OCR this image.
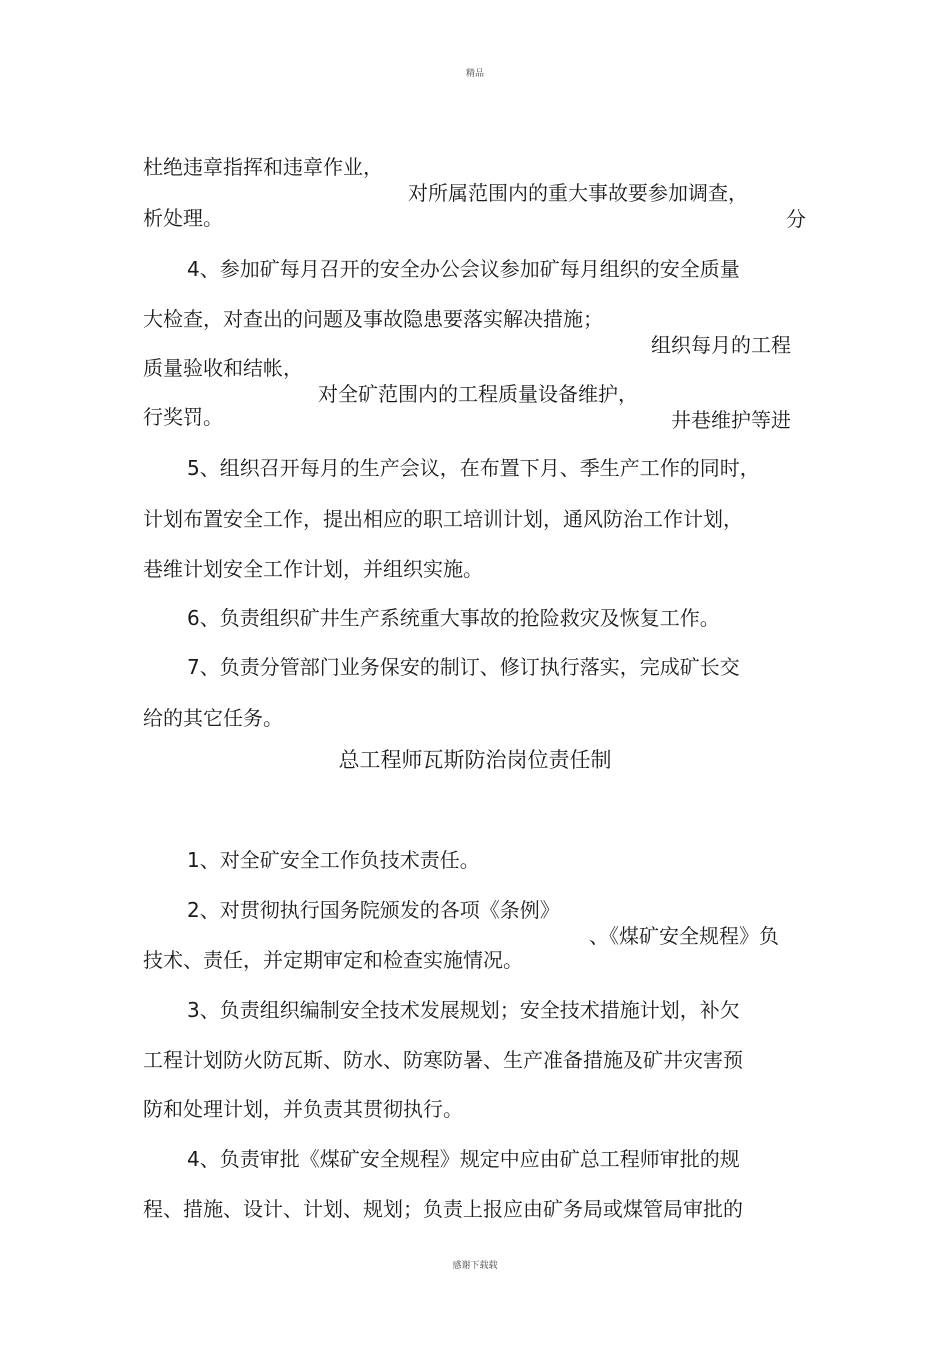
精品

杜绝违章指挥和违章作业，

对所属范围内的重大事故要参加调查，

分

析处理。

4、参加矿每月召开的安全办公会议参加矿每月组织的安全质量

大检查，对查出的问题及事故隐患要落实解决措施；

组织每月的工程

质量验收和结帐，

对全矿范围内的工程质量设备维护，

井巷维护等进

行奖罚。

5、组织召开每月的生产会议，在布置下月、季生产工作的同时，

计划布置安全工作，提出相应的职工培训计划，通风防治工作计划，

巷维计划安全工作计划，并组织实施。

6、负责组织矿井生产系统重大事故的抢险救灾及恢复工作。

7、负责分管部门业务保安的制订、修订执行落实，完成矿长交

给的其它任务。

总工程师瓦斯防治岗位责任制

1、对全矿安全工作负技术责任。

2、对贯彻执行国务院颁发的各项《条例》

、《煤矿安全规程》负

技术、责任，并定期审定和检查实施情况。

3、负责组织编制安全技术发展规划；安全技术措施计划，补欠

工程计划防火防瓦斯、防水、防寒防暑、生产准备措施及矿井灾害预

防和处理计划，并负责其贯彻执行。

4、负责审批《煤矿安全规程》规定中应由矿总工程师审批的规

程、措施、设计、计划、规划；负责上报应由矿务局或煤管局审批的

感谢下载载
